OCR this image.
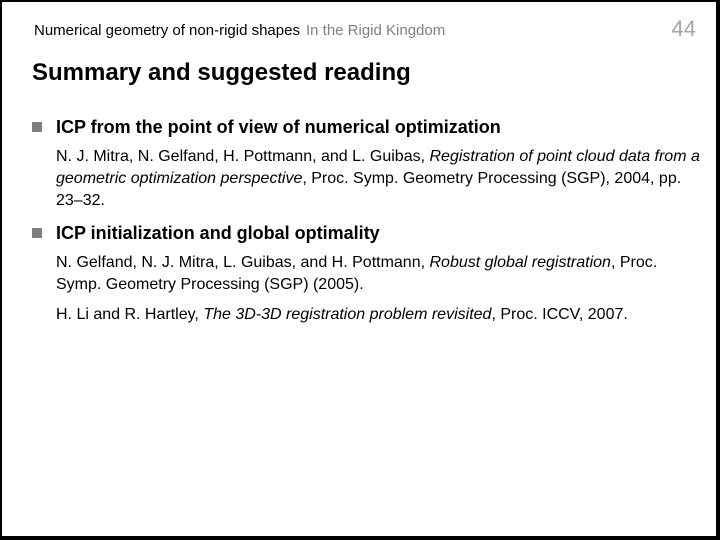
Numerical geometry of non-rigid shapes In the Rigid Kingdom	44
Summary and suggested reading
ICP from the point of view of numerical optimization
N. J. Mitra, N. Gelfand, H. Pottmann, and L. Guibas, Registration of point cloud data from a geometric optimization perspective, Proc. Symp. Geometry Processing (SGP), 2004, pp. 23–32.
ICP initialization and global optimality
N. Gelfand, N. J. Mitra, L. Guibas, and H. Pottmann, Robust global registration, Proc. Symp. Geometry Processing (SGP) (2005).
H. Li and R. Hartley, The 3D-3D registration problem revisited, Proc. ICCV, 2007.
